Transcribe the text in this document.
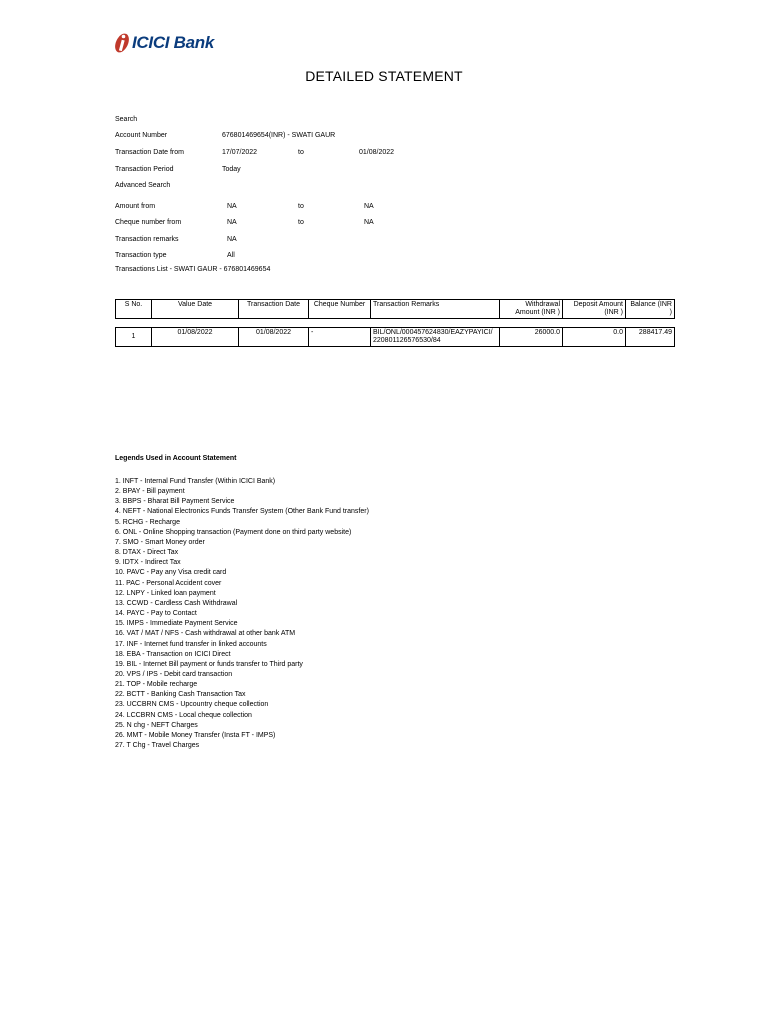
ICICI Bank
DETAILED STATEMENT
Search
Account Number	676801469654(INR) - SWATI GAUR
Transaction Date from	17/07/2022	to	01/08/2022
Transaction Period	Today
Advanced Search
Amount from	NA	to	NA
Cheque number from	NA	to	NA
Transaction remarks	NA
Transaction type	All
Transactions List - SWATI GAUR - 676801469654
S No.	Value Date	Transaction Date	Cheque Number	Transaction Remarks	Withdrawal Amount (INR )	Deposit Amount (INR )	Balance (INR )

1	01/08/2022	01/08/2022	-	BIL/ONL/000457624830/EAZYPAYICI/ 220801126576530/84	26000.0	0.0	288417.49
Legends Used in Account Statement
1. INFT - Internal Fund Transfer (Within ICICI Bank)
2. BPAY - Bill payment
3. BBPS - Bharat Bill Payment Service
4. NEFT - National Electronics Funds Transfer System (Other Bank Fund transfer)
5. RCHG - Recharge
6. ONL - Online Shopping transaction (Payment done on third party website)
7. SMO - Smart Money order
8. DTAX - Direct Tax
9. IDTX - Indirect Tax
10. PAVC - Pay any Visa credit card
11. PAC - Personal Accident cover
12. LNPY - Linked loan payment
13. CCWD - Cardless Cash Withdrawal
14. PAYC - Pay to Contact
15. IMPS - Immediate Payment Service
16. VAT / MAT / NFS - Cash withdrawal at other bank ATM
17. INF - Internet fund transfer in linked accounts
18. EBA - Transaction on ICICI Direct
19. BIL - Internet Bill payment or funds transfer to Third party
20. VPS / IPS - Debit card transaction
21. TOP - Mobile recharge
22. BCTT - Banking Cash Transaction Tax
23. UCCBRN CMS - Upcountry cheque collection
24. LCCBRN CMS - Local cheque collection
25. N chg - NEFT Charges
26. MMT - Mobile Money Transfer (Insta FT - IMPS)
27. T Chg - Travel Charges
